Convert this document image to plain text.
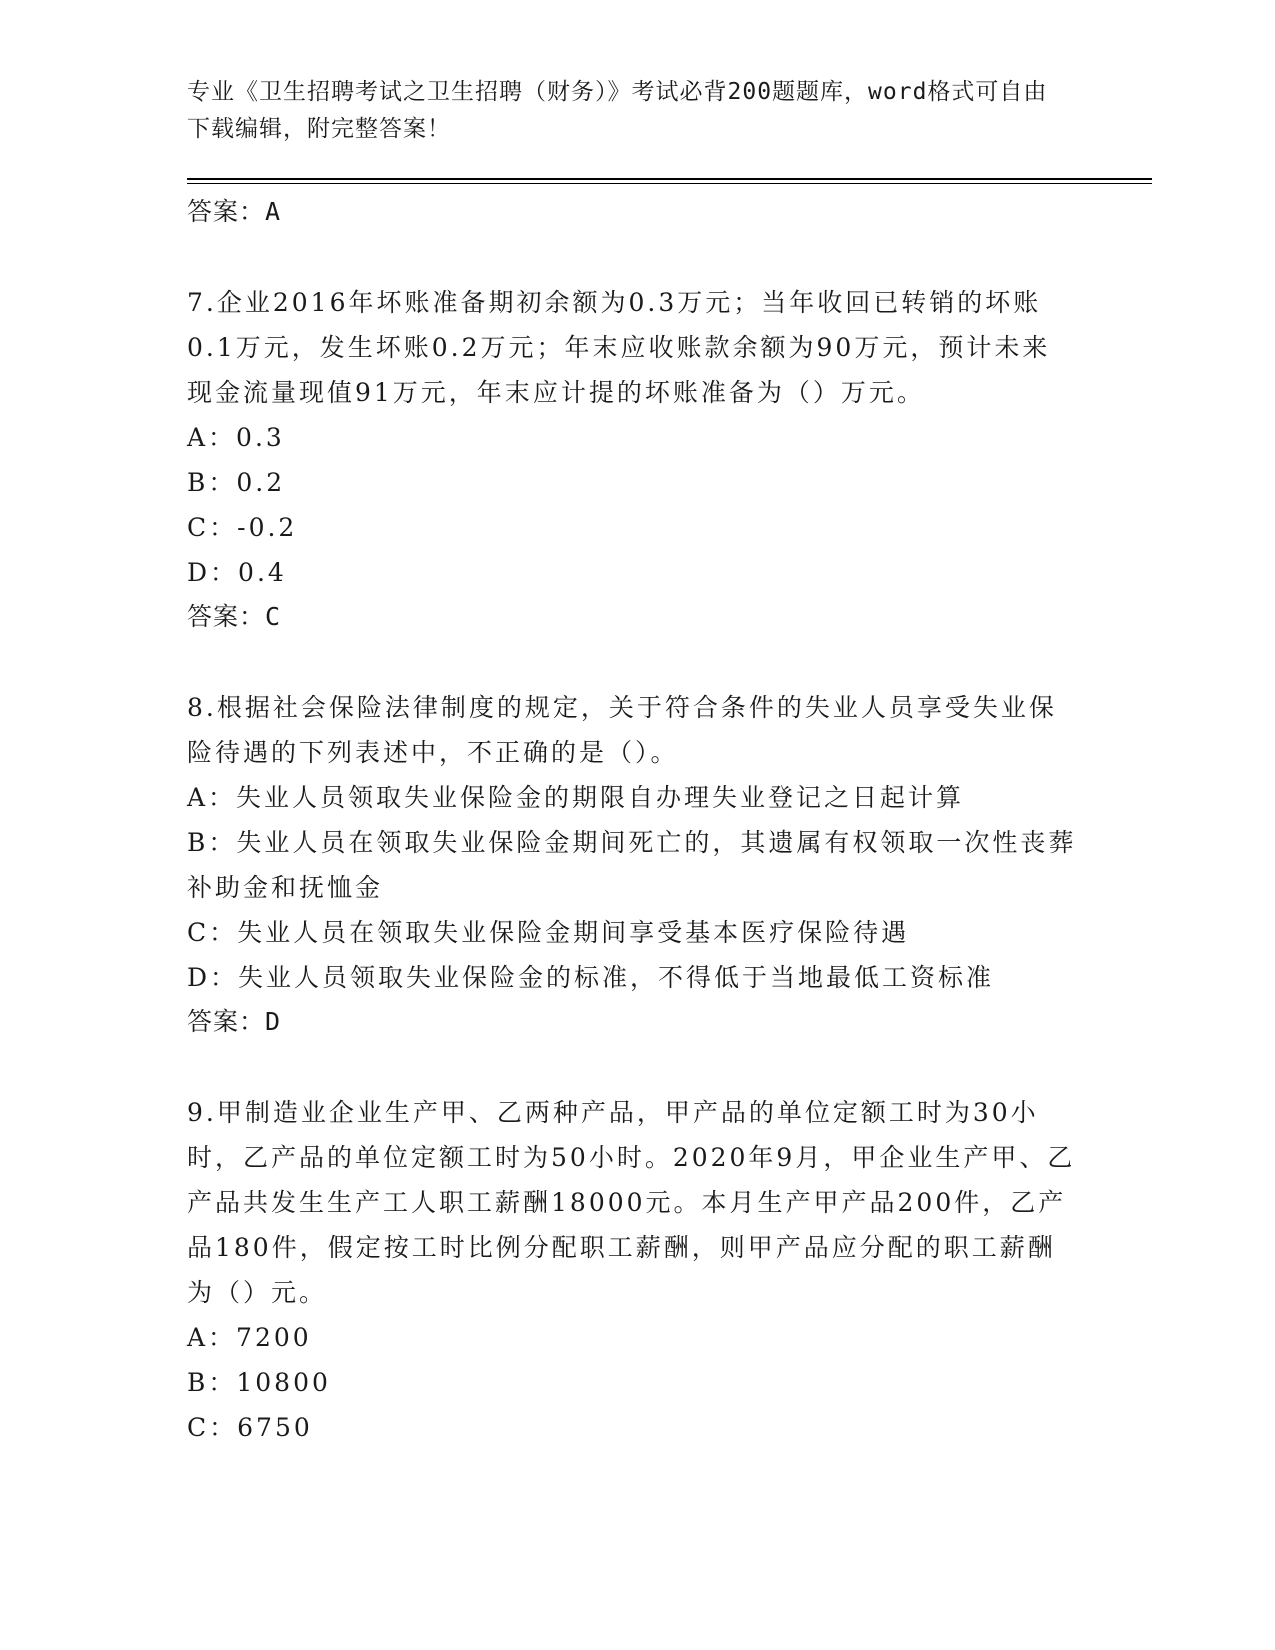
专业《卫生招聘考试之卫生招聘（财务）》考试必背200题题库，word格式可自由下载编辑，附完整答案！
答案：A
7.企业2016年坏账准备期初余额为0.3万元；当年收回已转销的坏账0.1万元，发生坏账0.2万元；年末应收账款余额为90万元，预计未来现金流量现值91万元，年末应计提的坏账准备为（）万元。
A：0.3
B：0.2
C：-0.2
D：0.4
答案：C
8.根据社会保险法律制度的规定，关于符合条件的失业人员享受失业保险待遇的下列表述中，不正确的是（）。
A：失业人员领取失业保险金的期限自办理失业登记之日起计算
B：失业人员在领取失业保险金期间死亡的，其遗属有权领取一次性丧葬补助金和抚恤金
C：失业人员在领取失业保险金期间享受基本医疗保险待遇
D：失业人员领取失业保险金的标准，不得低于当地最低工资标准
答案：D
9.甲制造业企业生产甲、乙两种产品，甲产品的单位定额工时为30小时，乙产品的单位定额工时为50小时。2020年9月，甲企业生产甲、乙产品共发生生产工人职工薪酬18000元。本月生产甲产品200件，乙产品180件，假定按工时比例分配职工薪酬，则甲产品应分配的职工薪酬为（）元。
A：7200
B：10800
C：6750
